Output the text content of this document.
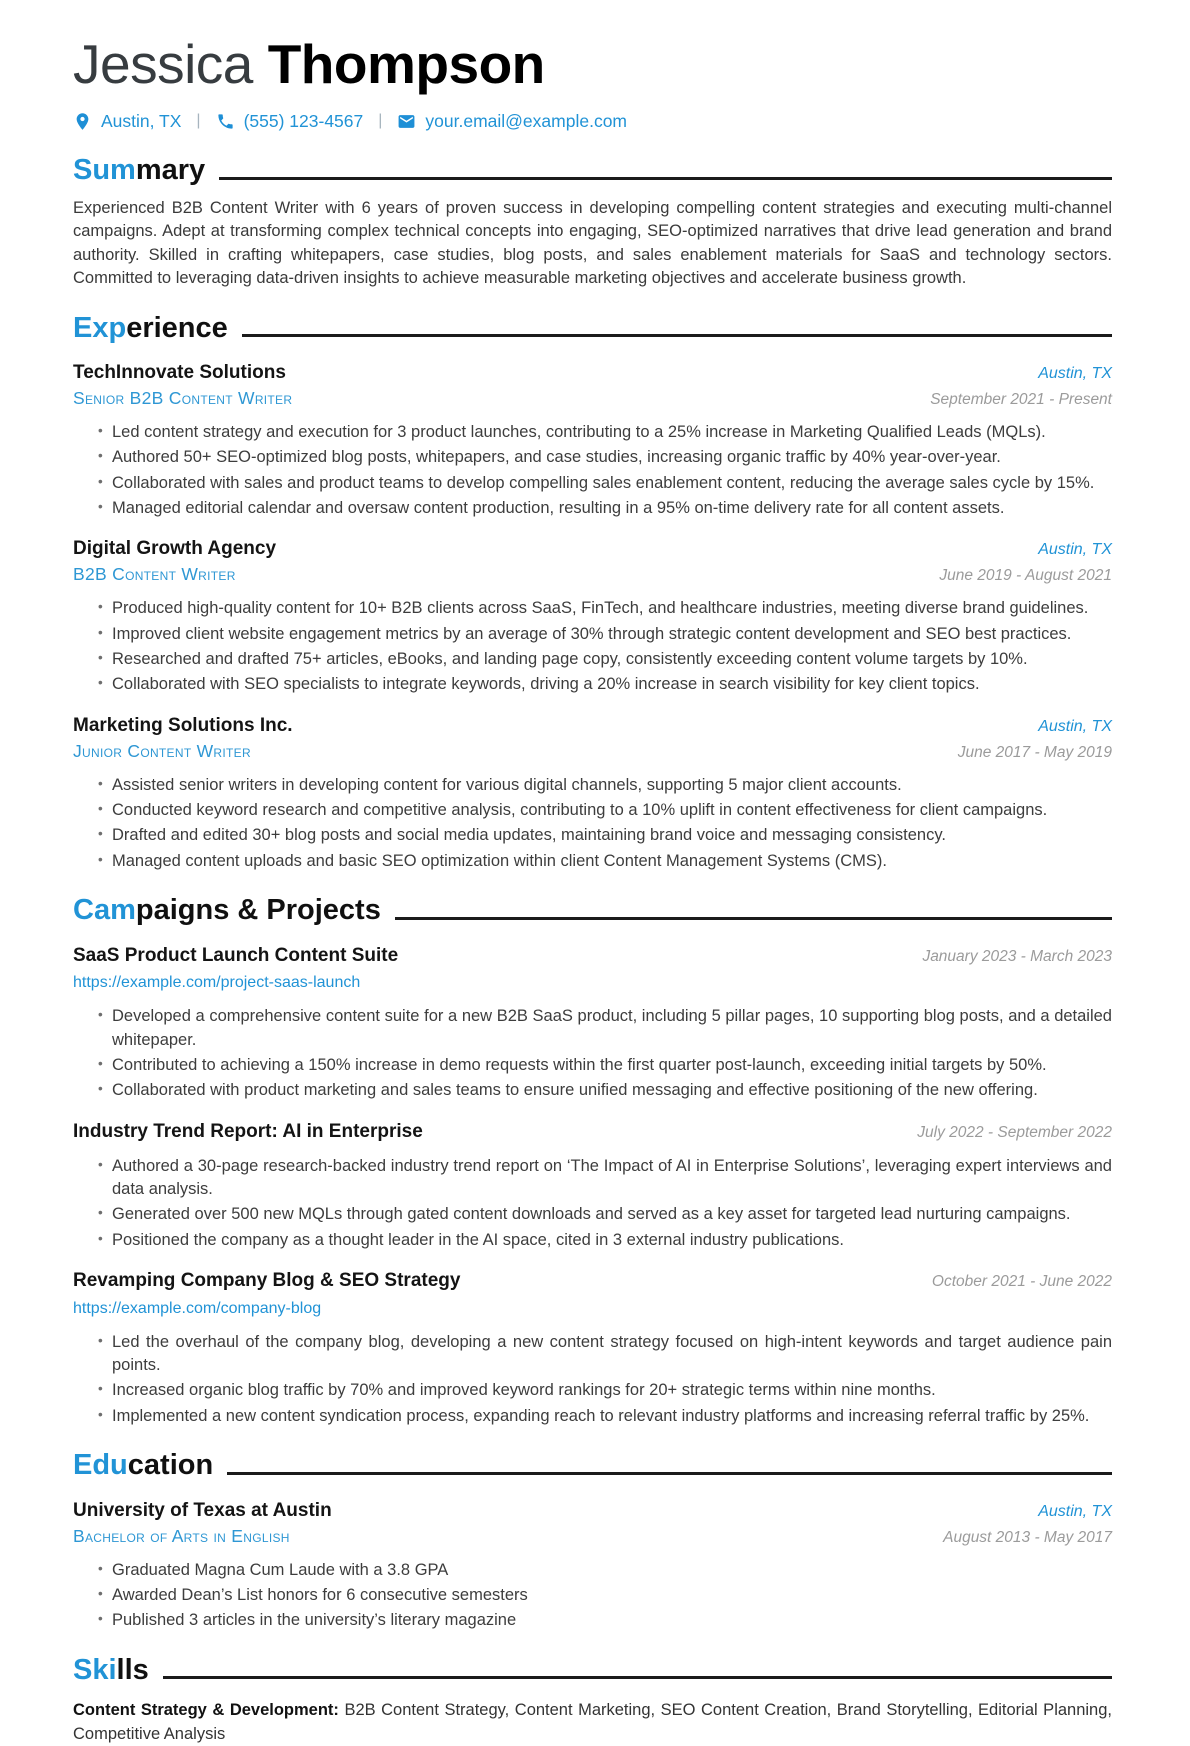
Jessica Thompson
Austin, TX | (555) 123-4567 | your.email@example.com
Sum mary

Experienced B2B Content Writer with 6 years of proven success in developing compelling content strategies and executing multi-channel campaigns. Adept at transforming complex technical concepts into engaging, SEO-optimized narratives that drive lead generation and brand authority. Skilled in crafting whitepapers, case studies, blog posts, and sales enablement materials for SaaS and technology sectors. Committed to leveraging data-driven insights to achieve measurable marketing objectives and accelerate business growth.

Exp erience
TechInnovate Solutions	Austin, TX
Senior B2B Content Writer	September 2021 - Present
• Led content strategy and execution for 3 product launches, contributing to a 25% increase in Marketing Qualified Leads (MQLs).
• Authored 50+ SEO-optimized blog posts, whitepapers, and case studies, increasing organic traffic by 40% year-over-year.
• Collaborated with sales and product teams to develop compelling sales enablement content, reducing the average sales cycle by 15%.
• Managed editorial calendar and oversaw content production, resulting in a 95% on-time delivery rate for all content assets.
Digital Growth Agency	Austin, TX
B2B Content Writer	June 2019 - August 2021
• Produced high-quality content for 10+ B2B clients across SaaS, FinTech, and healthcare industries, meeting diverse brand guidelines.
• Improved client website engagement metrics by an average of 30% through strategic content development and SEO best practices.
• Researched and drafted 75+ articles, eBooks, and landing page copy, consistently exceeding content volume targets by 10%.
• Collaborated with SEO specialists to integrate keywords, driving a 20% increase in search visibility for key client topics.
Marketing Solutions Inc.	Austin, TX
Junior Content Writer	June 2017 - May 2019
• Assisted senior writers in developing content for various digital channels, supporting 5 major client accounts.
• Conducted keyword research and competitive analysis, contributing to a 10% uplift in content effectiveness for client campaigns.
• Drafted and edited 30+ blog posts and social media updates, maintaining brand voice and messaging consistency.
• Managed content uploads and basic SEO optimization within client Content Management Systems (CMS).
Cam paigns & Projects
SaaS Product Launch Content Suite	January 2023 - March 2023
https://example.com/project-saas-launch
• Developed a comprehensive content suite for a new B2B SaaS product, including 5 pillar pages, 10 supporting blog posts, and a detailed whitepaper.
• Contributed to achieving a 150% increase in demo requests within the first quarter post-launch, exceeding initial targets by 50%.
• Collaborated with product marketing and sales teams to ensure unified messaging and effective positioning of the new offering.
Industry Trend Report: AI in Enterprise	July 2022 - September 2022
• Authored a 30-page research-backed industry trend report on ‘The Impact of AI in Enterprise Solutions’, leveraging expert interviews and data analysis.
• Generated over 500 new MQLs through gated content downloads and served as a key asset for targeted lead nurturing campaigns.
• Positioned the company as a thought leader in the AI space, cited in 3 external industry publications.
Revamping Company Blog & SEO Strategy	October 2021 - June 2022
https://example.com/company-blog
• Led the overhaul of the company blog, developing a new content strategy focused on high-intent keywords and target audience pain points.
• Increased organic blog traffic by 70% and improved keyword rankings for 20+ strategic terms within nine months.
• Implemented a new content syndication process, expanding reach to relevant industry platforms and increasing referral traffic by 25%.
Edu cation
University of Texas at Austin	Austin, TX
Bachelor of Arts in English	August 2013 - May 2017
• Graduated Magna Cum Laude with a 3.8 GPA
• Awarded Dean’s List honors for 6 consecutive semesters
• Published 3 articles in the university’s literary magazine
Ski lls

Content Strategy & Development: B2B Content Strategy, Content Marketing, SEO Content Creation, Brand Storytelling, Editorial Planning, Competitive Analysis
